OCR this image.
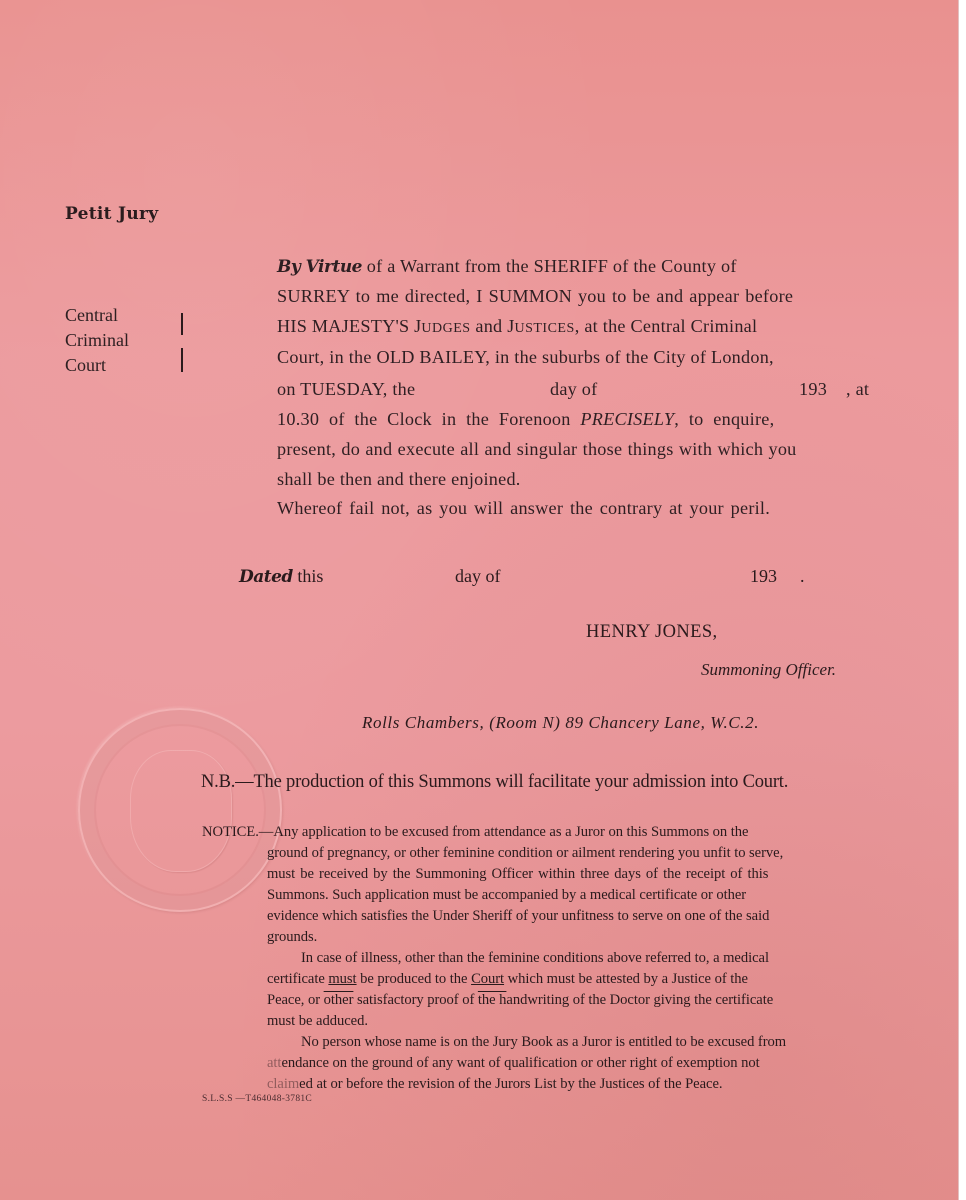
Petit Jury
Central
Criminal
Court
By Virtue of a Warrant from the SHERIFF of the County of
SURREY to me directed, I SUMMON you to be and appear before
HIS MAJESTY'S JUDGES and JUSTICES, at the Central Criminal
Court, in the OLD BAILEY, in the suburbs of the City of London,
on TUESDAY, the	day of	193 , at
10.30 of the Clock in the Forenoon PRECISELY, to enquire,
present, do and execute all and singular those things with which you
shall be then and there enjoined.
Whereof fail not, as you will answer the contrary at your peril.
Dated this	day of	193 .
HENRY JONES,
Summoning Officer.
Rolls Chambers, (Room N) 89 Chancery Lane, W.C.2.
N.B.—The production of this Summons will facilitate your admission into Court.
NOTICE.—Any application to be excused from attendance as a Juror on this Summons on the
ground of pregnancy, or other feminine condition or ailment rendering you unfit to serve,
must be received by the Summoning Officer within three days of the receipt of this
Summons. Such application must be accompanied by a medical certificate or other
evidence which satisfies the Under Sheriff of your unfitness to serve on one of the said
grounds.
In case of illness, other than the feminine conditions above referred to, a medical
certificate must be produced to the Court which must be attested by a Justice of the
Peace, or other satisfactory proof of the handwriting of the Doctor giving the certificate
must be adduced.
No person whose name is on the Jury Book as a Juror is entitled to be excused from
attendance on the ground of any want of qualification or other right of exemption not
claimed at or before the revision of the Jurors List by the Justices of the Peace.
S.L.S.S —T464048-3781C
